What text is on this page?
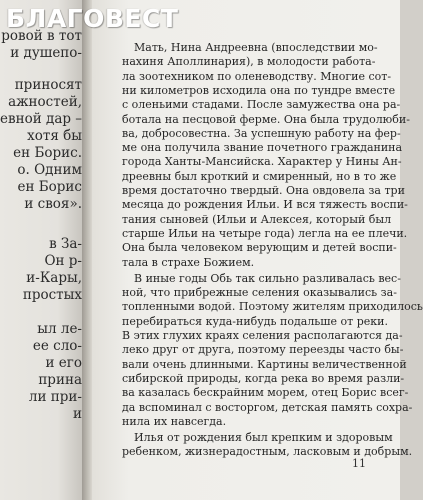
ровой в тот
и душепо-
приносят
ажностей,
евной дар –
хотя бы
ен Борис.
о. Одним
ен Борис
и своя».
в За-
Он р-
и-Кары,
простых
ыл ле-
ее сло-
и его
прина
ли при-
и
БЛАГОВЕСТ
Мать, Нина Андреевна (впоследствии мо-
нахиня Аполлинария), в молодости работа-
ла зоотехником по оленеводству. Многие сот-
ни километров исходила она по тундре вместе
с оленьими стадами. После замужества она ра-
ботала на песцовой ферме. Она была трудолюби-
ва, добросовестна. За успешную работу на фер-
ме она получила звание почетного гражданина
города Ханты-Мансийска. Характер у Нины Ан-
дреевны был кроткий и смиренный, но в то же
время достаточно твердый. Она овдовела за три
месяца до рождения Ильи. И вся тяжесть воспи-
тания сыновей (Ильи и Алексея, который был
старше Ильи на четыре года) легла на ее плечи.
Она была человеком верующим и детей воспи-
тала в страхе Божием.
В иные годы Обь так сильно разливалась вес-
ной, что прибрежные селения оказывались за-
топленными водой. Поэтому жителям приходилось
перебираться куда-нибудь подальше от реки.
В этих глухих краях селения располагаются да-
леко друг от друга, поэтому переезды часто бы-
вали очень длинными. Картины величественной
сибирской природы, когда река во время разли-
ва казалась бескрайним морем, отец Борис всег-
да вспоминал с восторгом, детская память сохра-
нила их навсегда.
Илья от рождения был крепким и здоровым
ребенком, жизнерадостным, ласковым и добрым.
11
